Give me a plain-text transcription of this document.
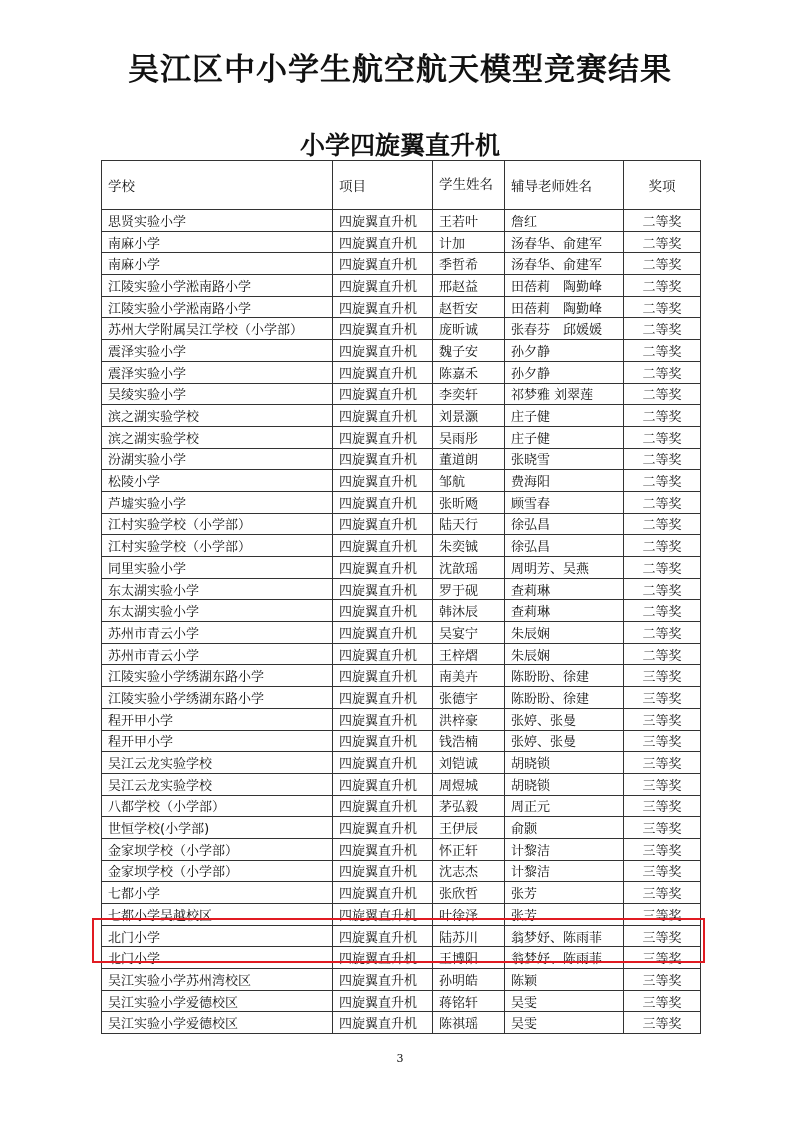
吴江区中小学生航空航天模型竞赛结果
小学四旋翼直升机
学校	项目	学生姓名	辅导老师姓名	奖项
思贤实验小学	四旋翼直升机	王若叶	詹红	二等奖
南麻小学	四旋翼直升机	计加	汤春华、俞建军	二等奖
南麻小学	四旋翼直升机	季哲希	汤春华、俞建军	二等奖
江陵实验小学淞南路小学	四旋翼直升机	邢赵益	田蓓莉　陶勤峰	二等奖
江陵实验小学淞南路小学	四旋翼直升机	赵哲安	田蓓莉　陶勤峰	二等奖
苏州大学附属吴江学校（小学部）	四旋翼直升机	庞昕诚	张春芬　邱媛媛	二等奖
震泽实验小学	四旋翼直升机	魏子安	孙夕静	二等奖
震泽实验小学	四旋翼直升机	陈嘉禾	孙夕静	二等奖
吴绫实验小学	四旋翼直升机	李奕轩	祁梦雅 刘翠莲	二等奖
滨之湖实验学校	四旋翼直升机	刘景灏	庄子健	二等奖
滨之湖实验学校	四旋翼直升机	吴雨彤	庄子健	二等奖
汾湖实验小学	四旋翼直升机	董道朗	张晓雪	二等奖
松陵小学	四旋翼直升机	邹航	费海阳	二等奖
芦墟实验小学	四旋翼直升机	张昕飏	顾雪春	二等奖
江村实验学校（小学部）	四旋翼直升机	陆天行	徐弘昌	二等奖
江村实验学校（小学部）	四旋翼直升机	朱奕铖	徐弘昌	二等奖
同里实验小学	四旋翼直升机	沈歆瑶	周明芳、吴燕	二等奖
东太湖实验小学	四旋翼直升机	罗于砚	查莉琳	二等奖
东太湖实验小学	四旋翼直升机	韩沐辰	查莉琳	二等奖
苏州市青云小学	四旋翼直升机	吴宴宁	朱辰娴	二等奖
苏州市青云小学	四旋翼直升机	王梓熠	朱辰娴	二等奖
江陵实验小学绣湖东路小学	四旋翼直升机	南美卉	陈盼盼、徐建	三等奖
江陵实验小学绣湖东路小学	四旋翼直升机	张德宇	陈盼盼、徐建	三等奖
程开甲小学	四旋翼直升机	洪梓豪	张婷、张曼	三等奖
程开甲小学	四旋翼直升机	钱浩楠	张婷、张曼	三等奖
吴江云龙实验学校	四旋翼直升机	刘铠诚	胡晓锁	三等奖
吴江云龙实验学校	四旋翼直升机	周煜城	胡晓锁	三等奖
八都学校（小学部）	四旋翼直升机	茅弘毅	周正元	三等奖
世恒学校(小学部)	四旋翼直升机	王伊辰	俞颢	三等奖
金家坝学校（小学部）	四旋翼直升机	怀正轩	计黎洁	三等奖
金家坝学校（小学部）	四旋翼直升机	沈志杰	计黎洁	三等奖
七都小学	四旋翼直升机	张欣哲	张芳	三等奖
七都小学吴越校区	四旋翼直升机	叶徐泽	张芳	三等奖
北门小学	四旋翼直升机	陆苏川	翁梦妤、陈雨菲	三等奖
北门小学	四旋翼直升机	王博阳	翁梦妤、陈雨菲	三等奖
吴江实验小学苏州湾校区	四旋翼直升机	孙明皓	陈颖	三等奖
吴江实验小学爱德校区	四旋翼直升机	蒋铭轩	吴雯	三等奖
吴江实验小学爱德校区	四旋翼直升机	陈祺瑶	吴雯	三等奖
3
